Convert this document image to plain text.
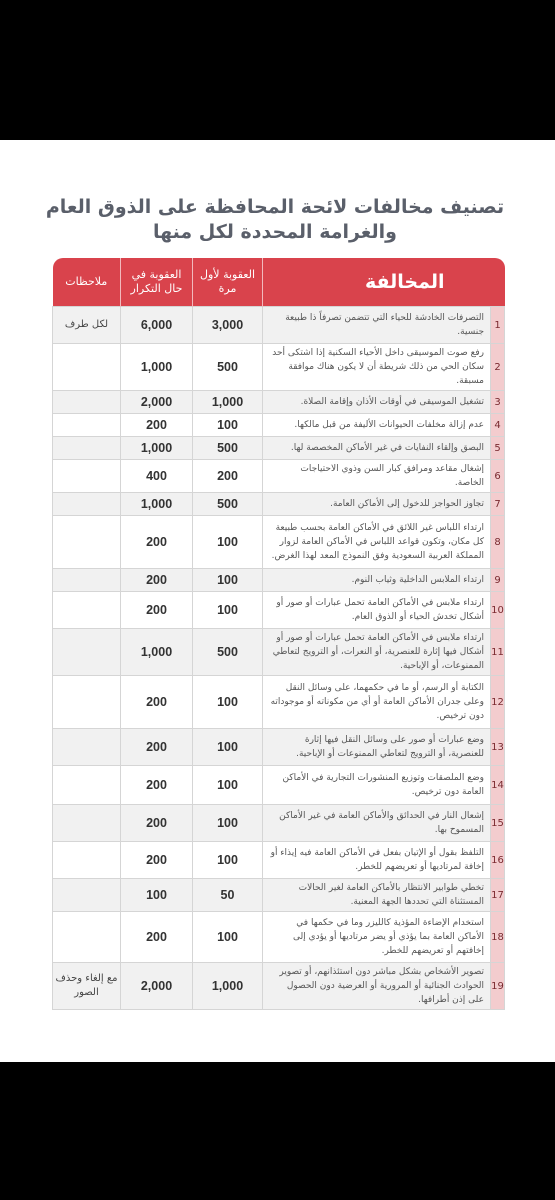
تصنيف مخالفات لائحة المحافظة على الذوق العام
والغرامة المحددة لكل منها
المخالفة		العقوبة لأول مرة	العقوبة في حال التكرار	ملاحظات
1	التصرفات الخادشة للحياء التي تتضمن تصرفاً ذا طبيعة جنسية.	3,000	6,000	لكل طرف
2	رفع صوت الموسيقى داخل الأحياء السكنية إذا اشتكى أحد سكان الحي من ذلك شريطة أن لا يكون هناك موافقة مسبقة.	500	1,000	
3	تشغيل الموسيقى في أوقات الأذان وإقامة الصلاة.	1,000	2,000	
4	عدم إزالة مخلفات الحيوانات الأليفة من قبل مالكها.	100	200	
5	البصق وإلقاء النفايات في غير الأماكن المخصصة لها.	500	1,000	
6	إشغال مقاعد ومرافق كبار السن وذوي الاحتياجات الخاصة.	200	400	
7	تجاوز الحواجز للدخول إلى الأماكن العامة.	500	1,000	
8	ارتداء اللباس غير اللائق في الأماكن العامة بحسب طبيعة كل مكان، وتكون قواعد اللباس في الأماكن العامة لزوار المملكة العربية السعودية وفق النموذج المعد لهذا الغرض.	100	200	
9	ارتداء الملابس الداخلية وثياب النوم.	100	200	
10	ارتداء ملابس في الأماكن العامة تحمل عبارات أو صور أو أشكال تخدش الحياء أو الذوق العام.	100	200	
11	ارتداء ملابس في الأماكن العامة تحمل عبارات أو صور أو أشكال فيها إثارة للعنصرية، أو النعرات، أو الترويج لتعاطي الممنوعات، أو الإباحية.	500	1,000	
12	الكتابة أو الرسم، أو ما في حكمهما، على وسائل النقل وعلى جدران الأماكن العامة أو أي من مكوناته أو موجوداته دون ترخيص.	100	200	
13	وضع عبارات أو صور على وسائل النقل فيها إثارة للعنصرية، أو الترويج لتعاطي الممنوعات أو الإباحية.	100	200	
14	وضع الملصقات وتوزيع المنشورات التجارية في الأماكن العامة دون ترخيص.	100	200	
15	إشعال النار في الحدائق والأماكن العامة في غير الأماكن المسموح بها.	100	200	
16	التلفظ بقول أو الإتيان بفعل في الأماكن العامة فيه إيذاء أو إخافة لمرتاديها أو تعريضهم للخطر.	100	200	
17	تخطي طوابير الانتظار بالأماكن العامة لغير الحالات المستثناة التي تحددها الجهة المعنية.	50	100	
18	استخدام الإضاءة المؤذية كالليزر وما في حكمها في الأماكن العامة بما يؤذي أو يضر مرتاديها أو يؤدي إلى إخافتهم أو تعريضهم للخطر.	100	200	
19	تصوير الأشخاص بشكل مباشر دون استئذانهم، أو تصوير الحوادث الجنائية أو المرورية أو العرضية دون الحصول على إذن أطرافها.	1,000	2,000	مع إلغاء وحذف الصور
